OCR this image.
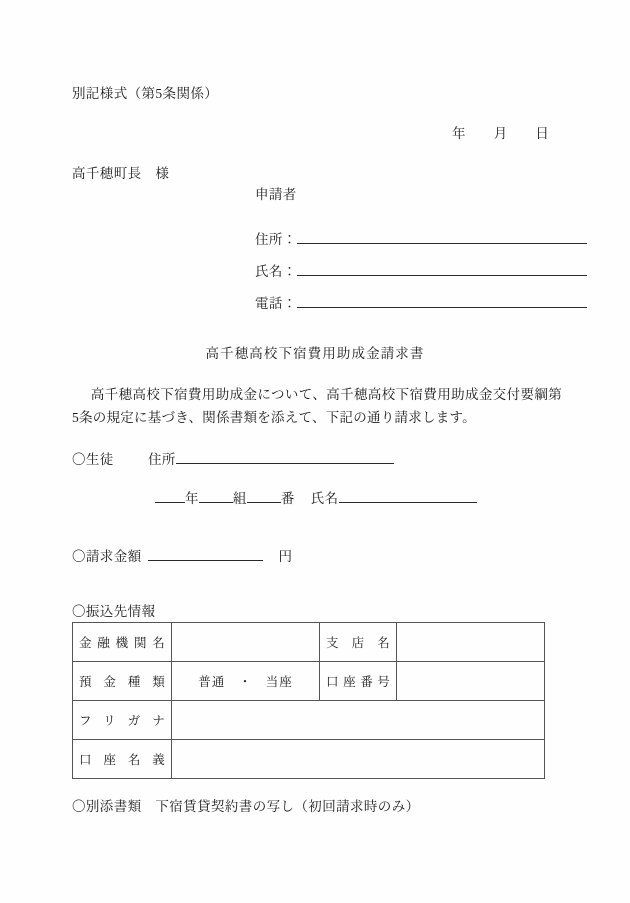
別記様式（第5条関係）
年　　月　　日
高千穂町長　様
申請者
住所：
氏名：
電話：
高千穂高校下宿費用助成金請求書
高千穂高校下宿費用助成金について、高千穂高校下宿費用助成金交付要綱第5条の規定に基づき、関係書類を添えて、下記の通り請求します。
〇生徒	住所
年	組	番 氏名
〇請求金額	円
〇振込先情報
金融機関名		支 店 名	
預金種類	普通　・　当座	口座番号	
フリガナ			
口座名義			
〇別添書類　下宿賃貸契約書の写し（初回請求時のみ）
